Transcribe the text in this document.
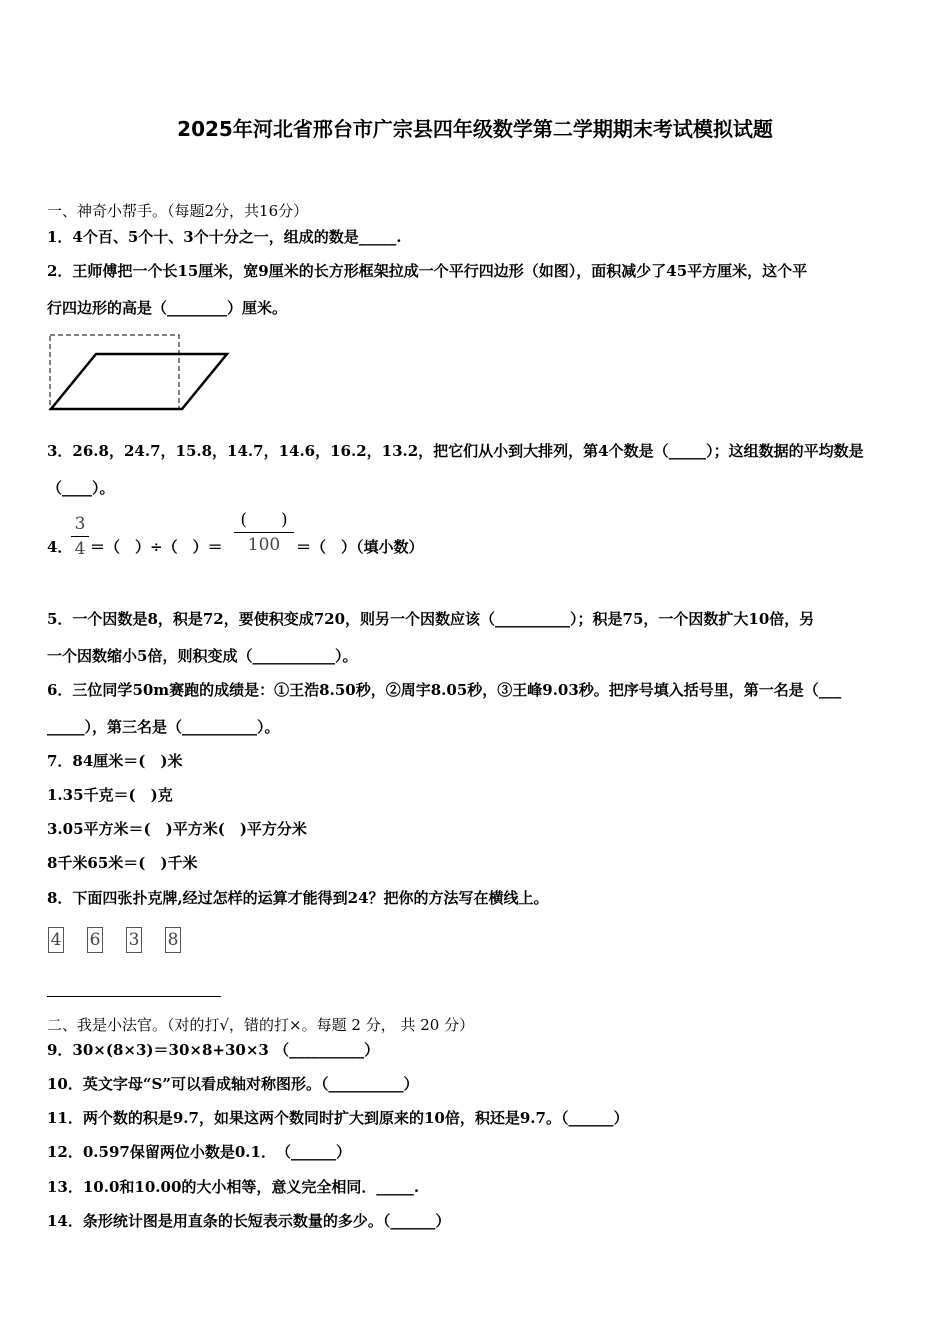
2025年河北省邢台市广宗县四年级数学第二学期期末考试模拟试题
一、神奇小帮手。（每题2分，共16分）
1．4个百、5个十、3个十分之一，组成的数是_____.
2．王师傅把一个长15厘米，宽9厘米的长方形框架拉成一个平行四边形（如图），面积减少了45平方厘米，这个平
行四边形的高是（________）厘米。
3．26.8，24.7，15.8，14.7，14.6，16.2，13.2，把它们从小到大排列，第4个数是（_____）；这组数据的平均数是
（____）。
4．
3
4 ＝（　）÷（　）＝
(　　)
100	＝（　）（填小数）
5．一个因数是8，积是72，要使积变成720，则另一个因数应该（__________）；积是75，一个因数扩大10倍，另
一个因数缩小5倍，则积变成（___________）。
6．三位同学50m赛跑的成绩是：①王浩8.50秒，②周宇8.05秒，③王峰9.03秒。把序号填入括号里，第一名是（___
_____），第三名是（__________）。
7．84厘米＝(　)米
1.35千克＝(　)克
3.05平方米＝(　)平方米(　)平方分米
8千米65米＝(　)千米
8．下面四张扑克牌,经过怎样的运算才能得到24？把你的方法写在横线上。
4 6 3 8
二、我是小法官。（对的打√，错的打×。每题 2 分， 共 20 分）
9．30×(8×3)＝30×8+30×3 （__________）
10．英文字母“S”可以看成轴对称图形。（__________）
11．两个数的积是9.7，如果这两个数同时扩大到原来的10倍，积还是9.7。（______）
12．0.597保留两位小数是0.1．　（______）
13．10.0和10.00的大小相等，意义完全相同．_____.
14．条形统计图是用直条的长短表示数量的多少。（______）
